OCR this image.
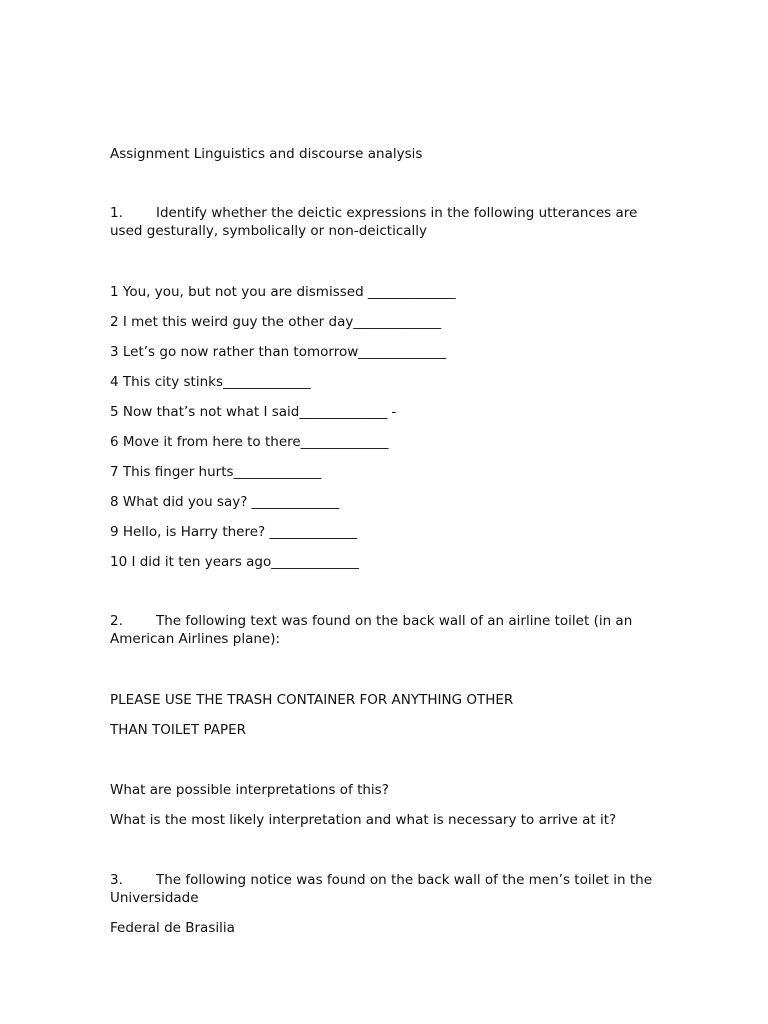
Assignment Linguistics and discourse analysis
1. Identify whether the deictic expressions in the following utterances are used gesturally, symbolically or non-deictically
1 You, you, but not you are dismissed _____________
2 I met this weird guy the other day_____________
3 Let’s go now rather than tomorrow_____________
4 This city stinks_____________
5 Now that’s not what I said_____________ -
6 Move it from here to there_____________
7 This finger hurts_____________
8 What did you say? _____________
9 Hello, is Harry there? _____________
10 I did it ten years ago_____________
2. The following text was found on the back wall of an airline toilet (in an American Airlines plane):
PLEASE USE THE TRASH CONTAINER FOR ANYTHING OTHER
THAN TOILET PAPER
What are possible interpretations of this?
What is the most likely interpretation and what is necessary to arrive at it?
3. The following notice was found on the back wall of the men’s toilet in the Universidade
Federal de Brasilia
